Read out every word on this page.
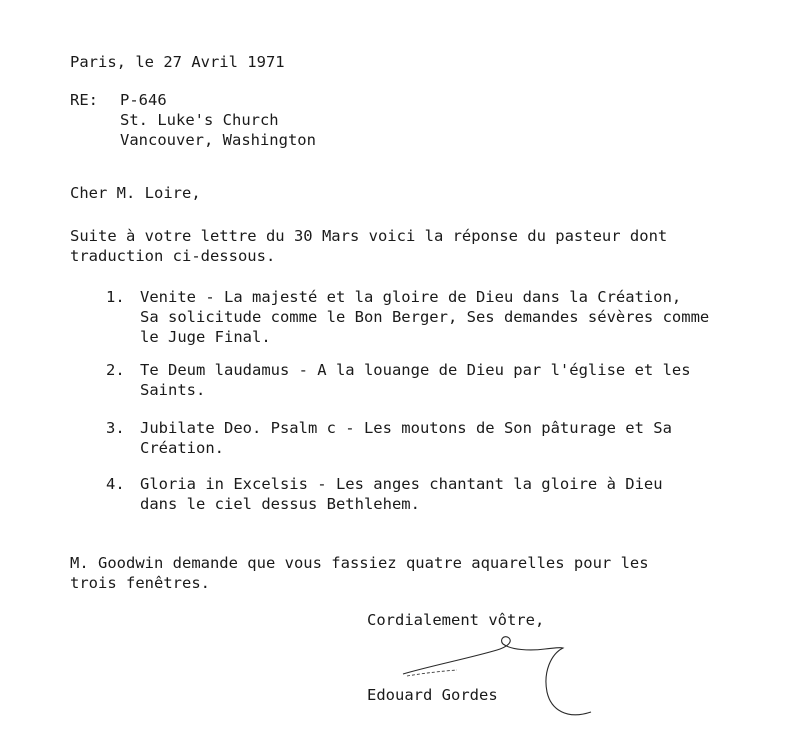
Paris, le 27 Avril 1971
RE: P-646
St. Luke's Church
Vancouver, Washington
Cher M. Loire,
Suite à votre lettre du 30 Mars voici la réponse du pasteur dont
traduction ci-dessous.
1. Venite - La majesté et la gloire de Dieu dans la Création,
Sa solicitude comme le Bon Berger, Ses demandes sévères comme
le Juge Final.
2. Te Deum laudamus - A la louange de Dieu par l'église et les
Saints.
3. Jubilate Deo. Psalm c - Les moutons de Son pâturage et Sa
Création.
4. Gloria in Excelsis - Les anges chantant la gloire à Dieu
dans le ciel dessus Bethlehem.
M. Goodwin demande que vous fassiez quatre aquarelles pour les
trois fenêtres.
Cordialement vôtre,
Edouard Gordes
